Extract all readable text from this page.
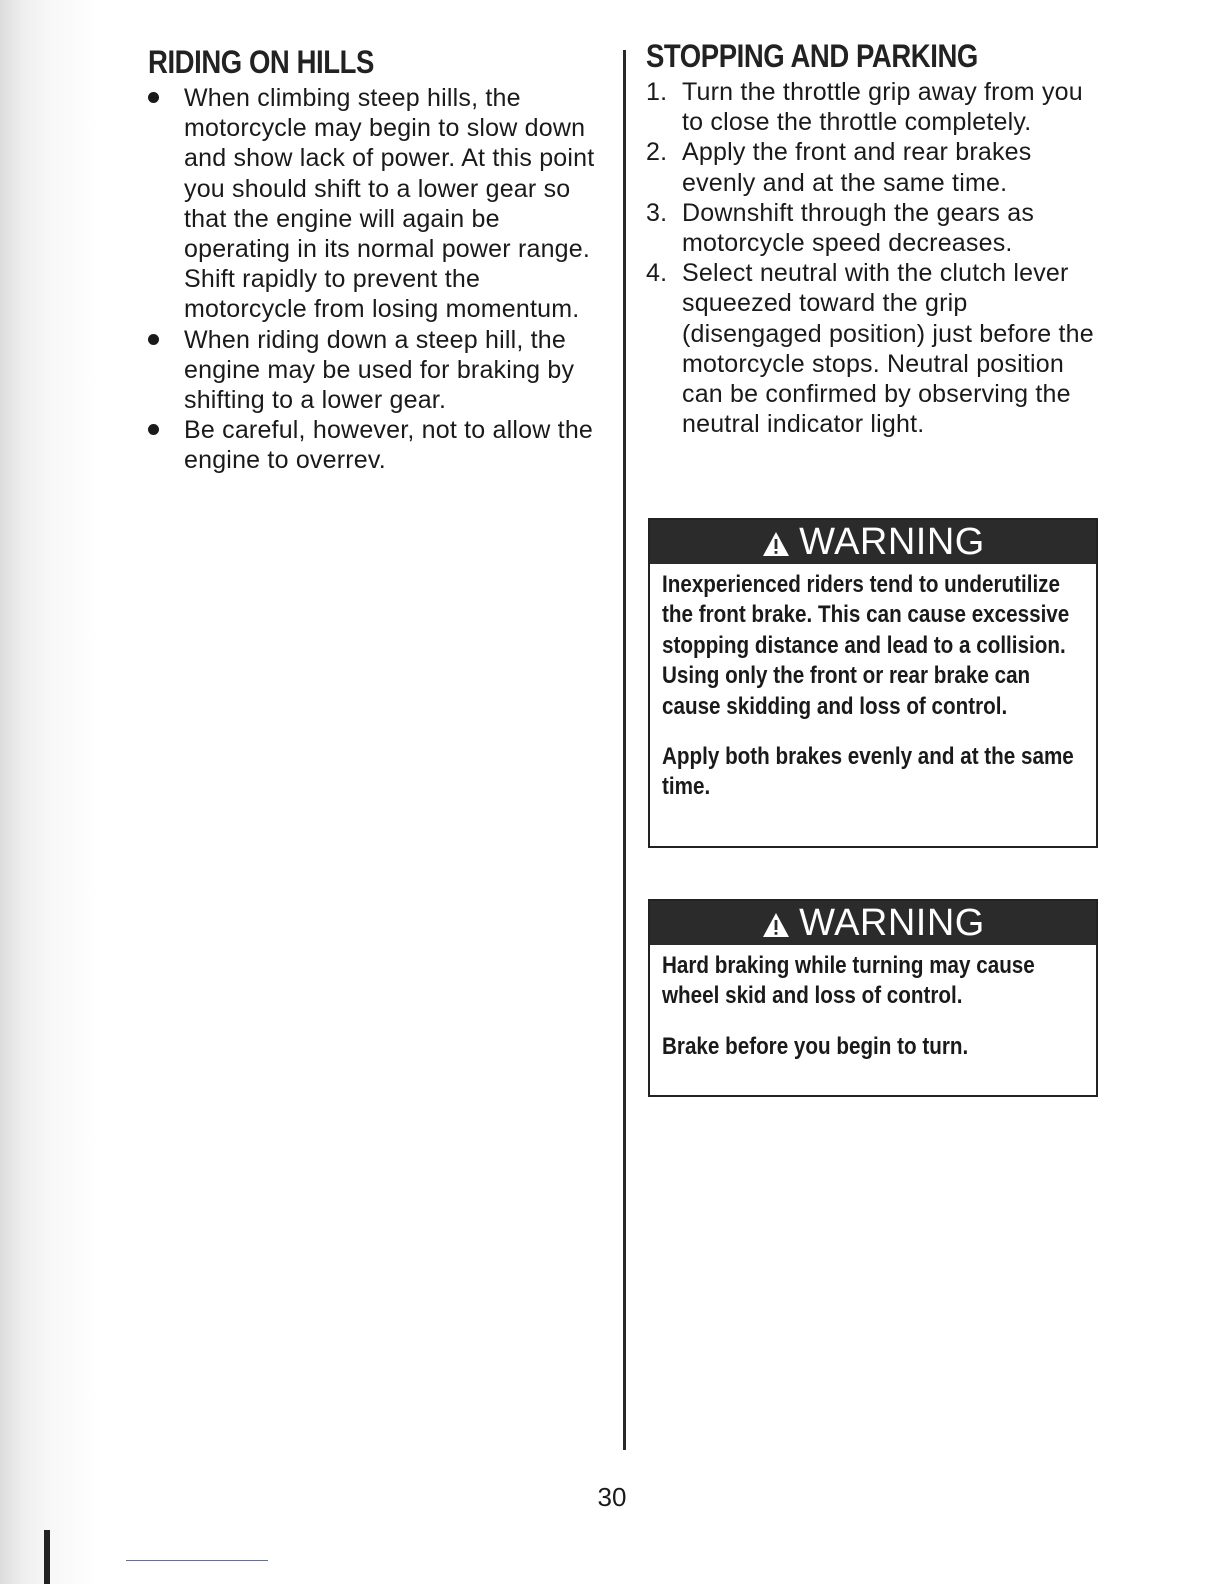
RIDING ON HILLS
When climbing steep hills, the motorcycle may begin to slow down and show lack of power. At this point you should shift to a lower gear so that the engine will again be operating in its normal power range. Shift rapidly to prevent the motorcycle from losing momentum.
When riding down a steep hill, the engine may be used for braking by shifting to a lower gear.
Be careful, however, not to allow the engine to overrev.
STOPPING AND PARKING
1. Turn the throttle grip away from you to close the throttle completely.
2. Apply the front and rear brakes evenly and at the same time.
3. Downshift through the gears as motorcycle speed decreases.
4. Select neutral with the clutch lever squeezed toward the grip (disengaged position) just before the motorcycle stops. Neutral position can be confirmed by observing the neutral indicator light.
WARNING

Inexperienced riders tend to underutilize the front brake. This can cause excessive stopping distance and lead to a collision. Using only the front or rear brake can cause skidding and loss of control.

Apply both brakes evenly and at the same time.

WARNING

Hard braking while turning may cause wheel skid and loss of control.

Brake before you begin to turn.

30
